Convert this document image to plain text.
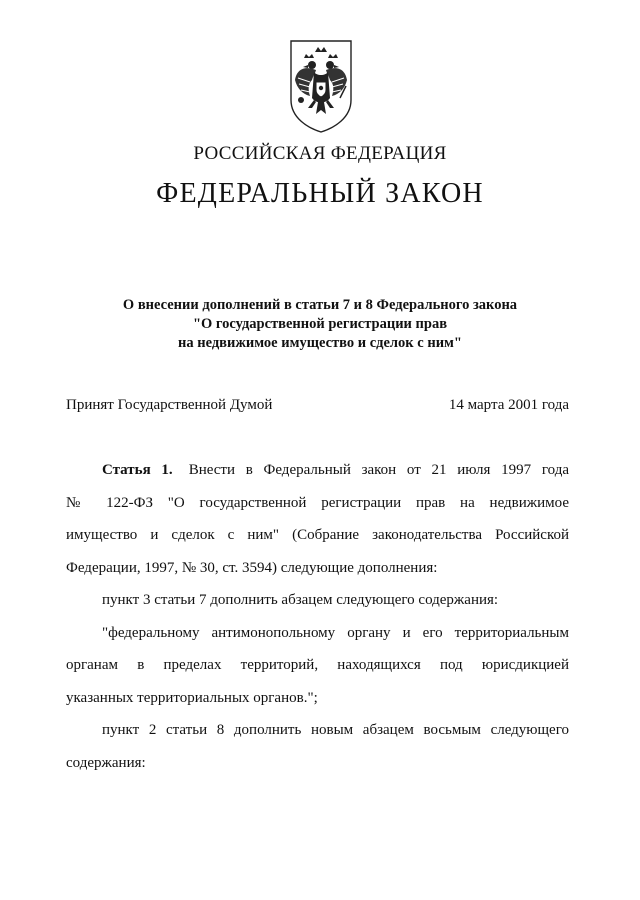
РОССИЙСКАЯ ФЕДЕРАЦИЯ
ФЕДЕРАЛЬНЫЙ ЗАКОН
О внесении дополнений в статьи 7 и 8 Федерального закона
"О государственной регистрации прав
на недвижимое имущество и сделок с ним"
Принят Государственной Думой	14 марта 2001 года
Статья 1. Внести в Федеральный закон от 21 июля 1997 года
№ 122-ФЗ "О государственной регистрации прав на недвижимое
имущество и сделок с ним" (Собрание законодательства Российской
Федерации, 1997, № 30, ст. 3594) следующие дополнения:
пункт 3 статьи 7 дополнить абзацем следующего содержания:
"федеральному антимонопольному органу и его территориальным
органам в пределах территорий, находящихся под юрисдикцией
указанных территориальных органов.";
пункт 2 статьи 8 дополнить новым абзацем восьмым следующего
содержания:
